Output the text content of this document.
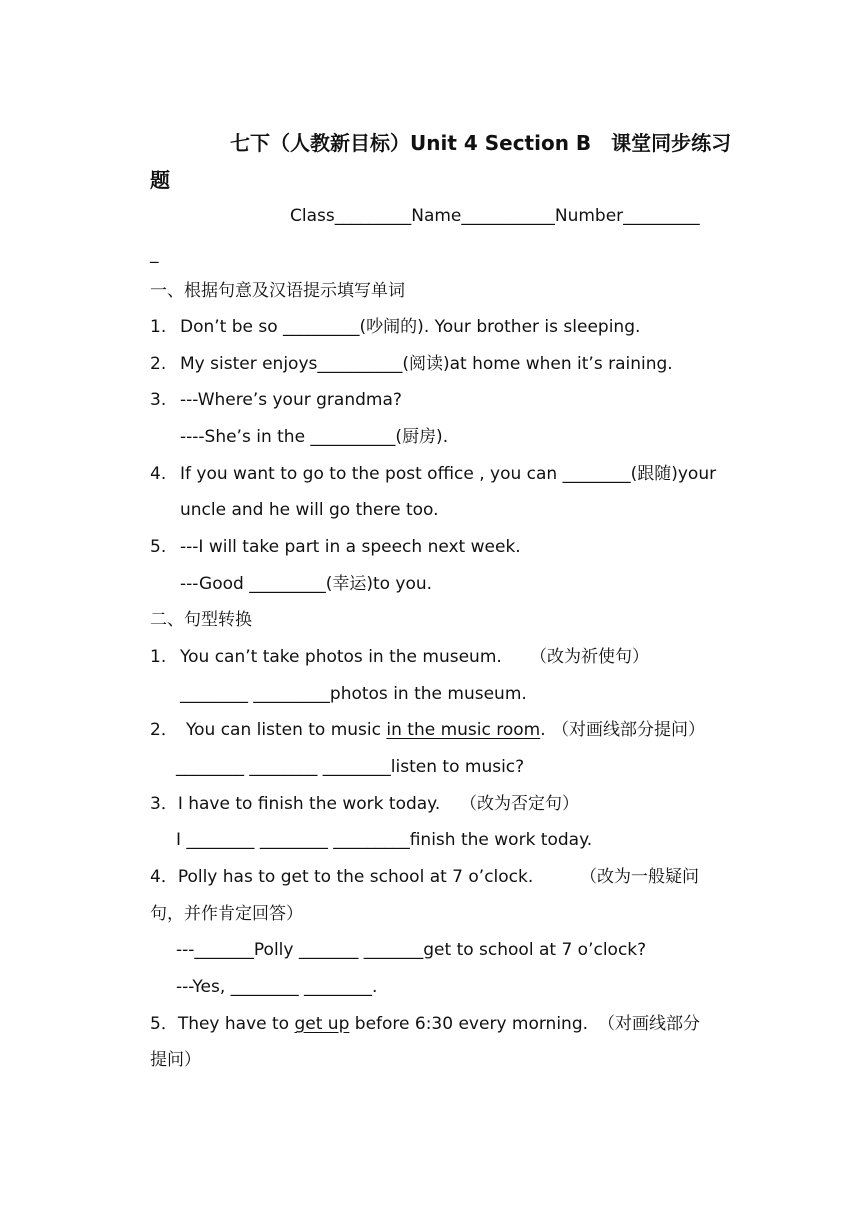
七下（人教新目标）Unit 4 Section B　课堂同步练习
题
Class_________Name___________Number_________
_
一、根据句意及汉语提示填写单词
1. Don’t be so _________(吵闹的). Your brother is sleeping.
2. My sister enjoys__________(阅读)at home when it’s raining.
3. ---Where’s your grandma?
----She’s in the __________(厨房).
4. If you want to go to the post office , you can ________(跟随)your
uncle and he will go there too.
5. ---I will take part in a speech next week.
---Good _________(幸运)to you.
二、句型转换
1. You can’t take photos in the museum. （改为祈使句）
________ _________photos in the museum.
2． You can listen to music in the music room. （对画线部分提问）
________ ________ ________listen to music?
3．I have to finish the work today. （改为否定句）
I ________ ________ _________finish the work today.
4．Polly has to get to the school at 7 o’clock.	（改为一般疑问
句，并作肯定回答）
---_______Polly _______ _______get to school at 7 o’clock?
---Yes, ________ ________.
5．They have to get up before 6:30 every morning. （对画线部分
提问）
